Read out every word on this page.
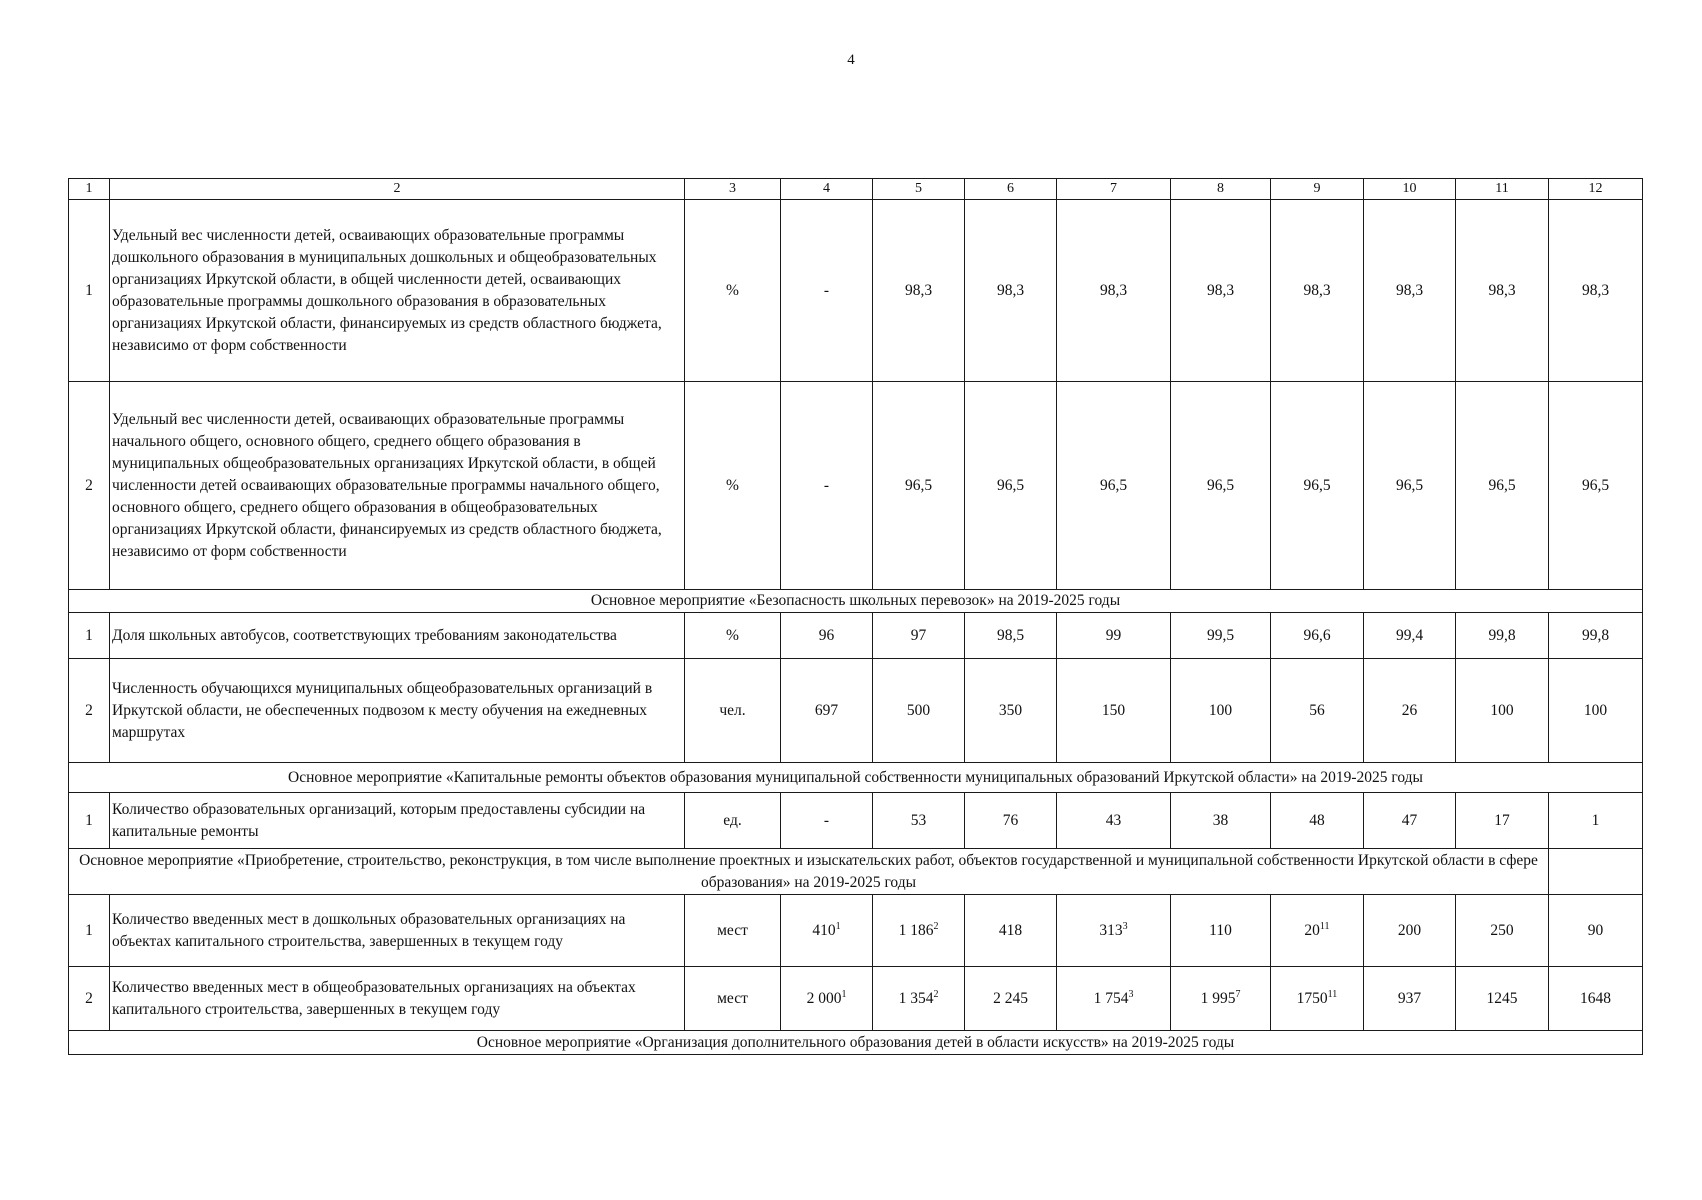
4
1	2	3	4	5	6	7	8	9	10	11	12
1	Удельный вес численности детей, осваивающих образовательные программы дошкольного образования в муниципальных дошкольных и общеобразовательных организациях Иркутской области, в общей численности детей, осваивающих образовательные программы дошкольного образования в образовательных организациях Иркутской области, финансируемых из средств областного бюджета, независимо от форм собственности	%	-	98,3	98,3	98,3	98,3	98,3	98,3	98,3	98,3
2	Удельный вес численности детей, осваивающих образовательные программы начального общего, основного общего, среднего общего образования в муниципальных общеобразовательных организациях Иркутской области, в общей численности детей осваивающих образовательные программы начального общего, основного общего, среднего общего образования в общеобразовательных организациях Иркутской области, финансируемых из средств областного бюджета, независимо от форм собственности	%	-	96,5	96,5	96,5	96,5	96,5	96,5	96,5	96,5
Основное мероприятие «Безопасность школьных перевозок» на 2019-2025 годы											
1	Доля школьных автобусов, соответствующих требованиям законодательства	%	96	97	98,5	99	99,5	96,6	99,4	99,8	99,8
2	Численность обучающихся муниципальных общеобразовательных организаций в Иркутской области, не обеспеченных подвозом к месту обучения на ежедневных маршрутах	чел.	697	500	350	150	100	56	26	100	100
Основное мероприятие «Капитальные ремонты объектов образования муниципальной собственности муниципальных образований Иркутской области» на 2019-2025 годы											
1	Количество образовательных организаций, которым предоставлены субсидии на капитальные ремонты	ед.	-	53	76	43	38	48	47	17	1
Основное мероприятие «Приобретение, строительство, реконструкция, в том числе выполнение проектных и изыскательских работ, объектов государственной и муниципальной собственности Иркутской области в сфере образования» на 2019-2025 годы											
1	Количество введенных мест в дошкольных образовательных организациях на объектах капитального строительства, завершенных в текущем году	мест	$410^1$	1 $186^2$	418	$313^3$	110	$20^{11}$	200	250	90
2	Количество введенных мест в общеобразовательных организациях на объектах капитального строительства, завершенных в текущем году	мест	2 $000^1$	1 $354^2$	2 245	1 $754^3$	1 $995^7$	1750$^{11}$	937	1245	1648
Основное мероприятие «Организация дополнительного образования детей в области искусств» на 2019-2025 годы											
